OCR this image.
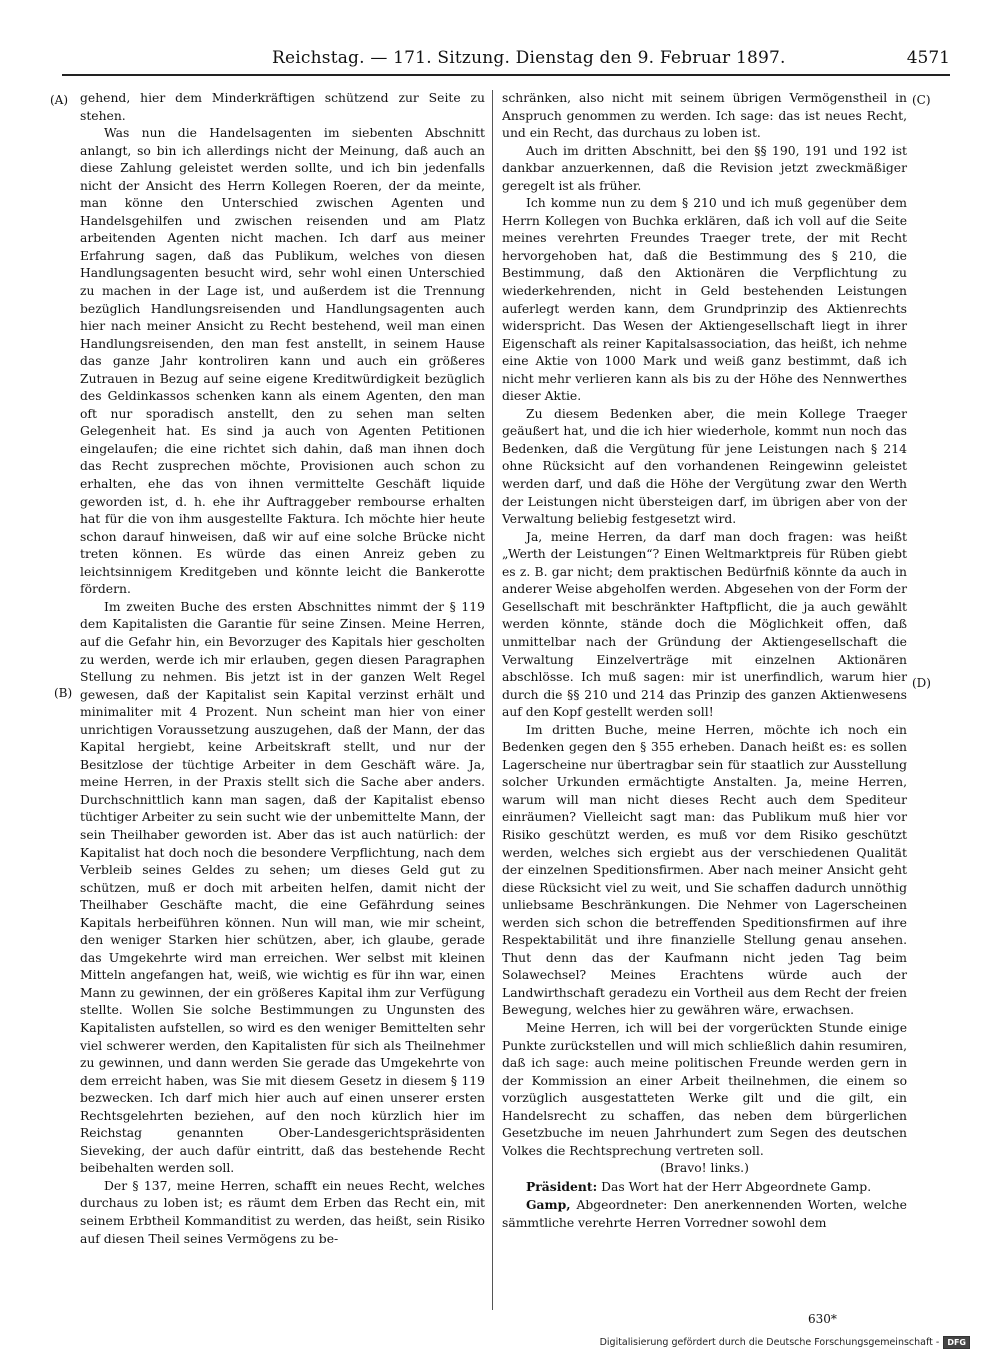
Reichstag. — 171. Sitzung. Dienstag den 9. Februar 1897.	4571
(A)
(B)
(C)
(D)

gehend, hier dem Minderkräftigen schützend zur Seite zu stehen.

Was nun die Handelsagenten im siebenten Abschnitt anlangt, so bin ich allerdings nicht der Meinung, daß auch an diese Zahlung geleistet werden sollte, und ich bin jedenfalls nicht der Ansicht des Herrn Kollegen Roeren, der da meinte, man könne den Unterschied zwischen Agenten und Handelsgehilfen und zwischen reisenden und am Platz arbeitenden Agenten nicht machen. Ich darf aus meiner Erfahrung sagen, daß das Publikum, welches von diesen Handlungsagenten besucht wird, sehr wohl einen Unterschied zu machen in der Lage ist, und außerdem ist die Trennung bezüglich Handlungsreisenden und Handlungsagenten auch hier nach meiner Ansicht zu Recht bestehend, weil man einen Handlungsreisenden, den man fest anstellt, in seinem Hause das ganze Jahr kontroliren kann und auch ein größeres Zutrauen in Bezug auf seine eigene Kreditwürdigkeit bezüglich des Geldinkassos schenken kann als einem Agenten, den man oft nur sporadisch anstellt, den zu sehen man selten Gelegenheit hat. Es sind ja auch von Agenten Petitionen eingelaufen; die eine richtet sich dahin, daß man ihnen doch das Recht zusprechen möchte, Provisionen auch schon zu erhalten, ehe das von ihnen vermittelte Geschäft liquide geworden ist, d. h. ehe ihr Auftraggeber rembourse erhalten hat für die von ihm ausgestellte Faktura. Ich möchte hier heute schon darauf hinweisen, daß wir auf eine solche Brücke nicht treten können. Es würde das einen Anreiz geben zu leichtsinnigem Kreditgeben und könnte leicht die Bankerotte fördern.

Im zweiten Buche des ersten Abschnittes nimmt der § 119 dem Kapitalisten die Garantie für seine Zinsen. Meine Herren, auf die Gefahr hin, ein Bevorzuger des Kapitals hier gescholten zu werden, werde ich mir erlauben, gegen diesen Paragraphen Stellung zu nehmen. Bis jetzt ist in der ganzen Welt Regel gewesen, daß der Kapitalist sein Kapital verzinst erhält und minimaliter mit 4 Prozent. Nun scheint man hier von einer unrichtigen Voraussetzung auszugehen, daß der Mann, der das Kapital hergiebt, keine Arbeitskraft stellt, und nur der Besitzlose der tüchtige Arbeiter in dem Geschäft wäre. Ja, meine Herren, in der Praxis stellt sich die Sache aber anders. Durchschnittlich kann man sagen, daß der Kapitalist ebenso tüchtiger Arbeiter zu sein sucht wie der unbemittelte Mann, der sein Theilhaber geworden ist. Aber das ist auch natürlich: der Kapitalist hat doch noch die besondere Verpflichtung, nach dem Verbleib seines Geldes zu sehen; um dieses Geld gut zu schützen, muß er doch mit arbeiten helfen, damit nicht der Theilhaber Geschäfte macht, die eine Gefährdung seines Kapitals herbeiführen können. Nun will man, wie mir scheint, den weniger Starken hier schützen, aber, ich glaube, gerade das Umgekehrte wird man erreichen. Wer selbst mit kleinen Mitteln angefangen hat, weiß, wie wichtig es für ihn war, einen Mann zu gewinnen, der ein größeres Kapital ihm zur Verfügung stellte. Wollen Sie solche Bestimmungen zu Ungunsten des Kapitalisten aufstellen, so wird es den weniger Bemittelten sehr viel schwerer werden, den Kapitalisten für sich als Theilnehmer zu gewinnen, und dann werden Sie gerade das Umgekehrte von dem erreicht haben, was Sie mit diesem Gesetz in diesem § 119 bezwecken. Ich darf mich hier auch auf einen unserer ersten Rechtsgelehrten beziehen, auf den noch kürzlich hier im Reichstag genannten Ober-Landesgerichtspräsidenten Sieveking, der auch dafür eintritt, daß das bestehende Recht beibehalten werden soll.

Der § 137, meine Herren, schafft ein neues Recht, welches durchaus zu loben ist; es räumt dem Erben das Recht ein, mit seinem Erbtheil Kommanditist zu werden, das heißt, sein Risiko auf diesen Theil seines Vermögens zu be-

schränken, also nicht mit seinem übrigen Vermögenstheil in Anspruch genommen zu werden. Ich sage: das ist neues Recht, und ein Recht, das durchaus zu loben ist.

Auch im dritten Abschnitt, bei den §§ 190, 191 und 192 ist dankbar anzuerkennen, daß die Revision jetzt zweckmäßiger geregelt ist als früher.

Ich komme nun zu dem § 210 und ich muß gegenüber dem Herrn Kollegen von Buchka erklären, daß ich voll auf die Seite meines verehrten Freundes Traeger trete, der mit Recht hervorgehoben hat, daß die Bestimmung des § 210, die Bestimmung, daß den Aktionären die Verpflichtung zu wiederkehrenden, nicht in Geld bestehenden Leistungen auferlegt werden kann, dem Grundprinzip des Aktienrechts widerspricht. Das Wesen der Aktiengesellschaft liegt in ihrer Eigenschaft als reiner Kapitalsassociation, das heißt, ich nehme eine Aktie von 1000 Mark und weiß ganz bestimmt, daß ich nicht mehr verlieren kann als bis zu der Höhe des Nennwerthes dieser Aktie.

Zu diesem Bedenken aber, die mein Kollege Traeger geäußert hat, und die ich hier wiederhole, kommt nun noch das Bedenken, daß die Vergütung für jene Leistungen nach § 214 ohne Rücksicht auf den vorhandenen Reingewinn geleistet werden darf, und daß die Höhe der Vergütung zwar den Werth der Leistungen nicht übersteigen darf, im übrigen aber von der Verwaltung beliebig festgesetzt wird.

Ja, meine Herren, da darf man doch fragen: was heißt „Werth der Leistungen“? Einen Weltmarktpreis für Rüben giebt es z. B. gar nicht; dem praktischen Bedürfniß könnte da auch in anderer Weise abgeholfen werden. Abgesehen von der Form der Gesellschaft mit beschränkter Haftpflicht, die ja auch gewählt werden könnte, stände doch die Möglichkeit offen, daß unmittelbar nach der Gründung der Aktiengesellschaft die Verwaltung Einzelverträge mit einzelnen Aktionären abschlösse. Ich muß sagen: mir ist unerfindlich, warum hier durch die §§ 210 und 214 das Prinzip des ganzen Aktienwesens auf den Kopf gestellt werden soll!

Im dritten Buche, meine Herren, möchte ich noch ein Bedenken gegen den § 355 erheben. Danach heißt es: es sollen Lagerscheine nur übertragbar sein für staatlich zur Ausstellung solcher Urkunden ermächtigte Anstalten. Ja, meine Herren, warum will man nicht dieses Recht auch dem Spediteur einräumen? Vielleicht sagt man: das Publikum muß hier vor Risiko geschützt werden, es muß vor dem Risiko geschützt werden, welches sich ergiebt aus der verschiedenen Qualität der einzelnen Speditionsfirmen. Aber nach meiner Ansicht geht diese Rücksicht viel zu weit, und Sie schaffen dadurch unnöthig unliebsame Beschränkungen. Die Nehmer von Lagerscheinen werden sich schon die betreffenden Speditionsfirmen auf ihre Respektabilität und ihre finanzielle Stellung genau ansehen. Thut denn das der Kaufmann nicht jeden Tag beim Solawechsel? Meines Erachtens würde auch der Landwirthschaft geradezu ein Vortheil aus dem Recht der freien Bewegung, welches hier zu gewähren wäre, erwachsen.

Meine Herren, ich will bei der vorgerückten Stunde einige Punkte zurückstellen und will mich schließlich dahin resumiren, daß ich sage: auch meine politischen Freunde werden gern in der Kommission an einer Arbeit theilnehmen, die einem so vorzüglich ausgestatteten Werke gilt und die gilt, ein Handelsrecht zu schaffen, das neben dem bürgerlichen Gesetzbuche im neuen Jahrhundert zum Segen des deutschen Volkes die Rechtsprechung vertreten soll.

(Bravo! links.)

Präsident: Das Wort hat der Herr Abgeordnete Gamp.

Gamp, Abgeordneter: Den anerkennenden Worten, welche sämmtliche verehrte Herren Vorredner sowohl dem

630*
Digitalisierung gefördert durch die Deutsche Forschungsgemeinschaft -	DFG
